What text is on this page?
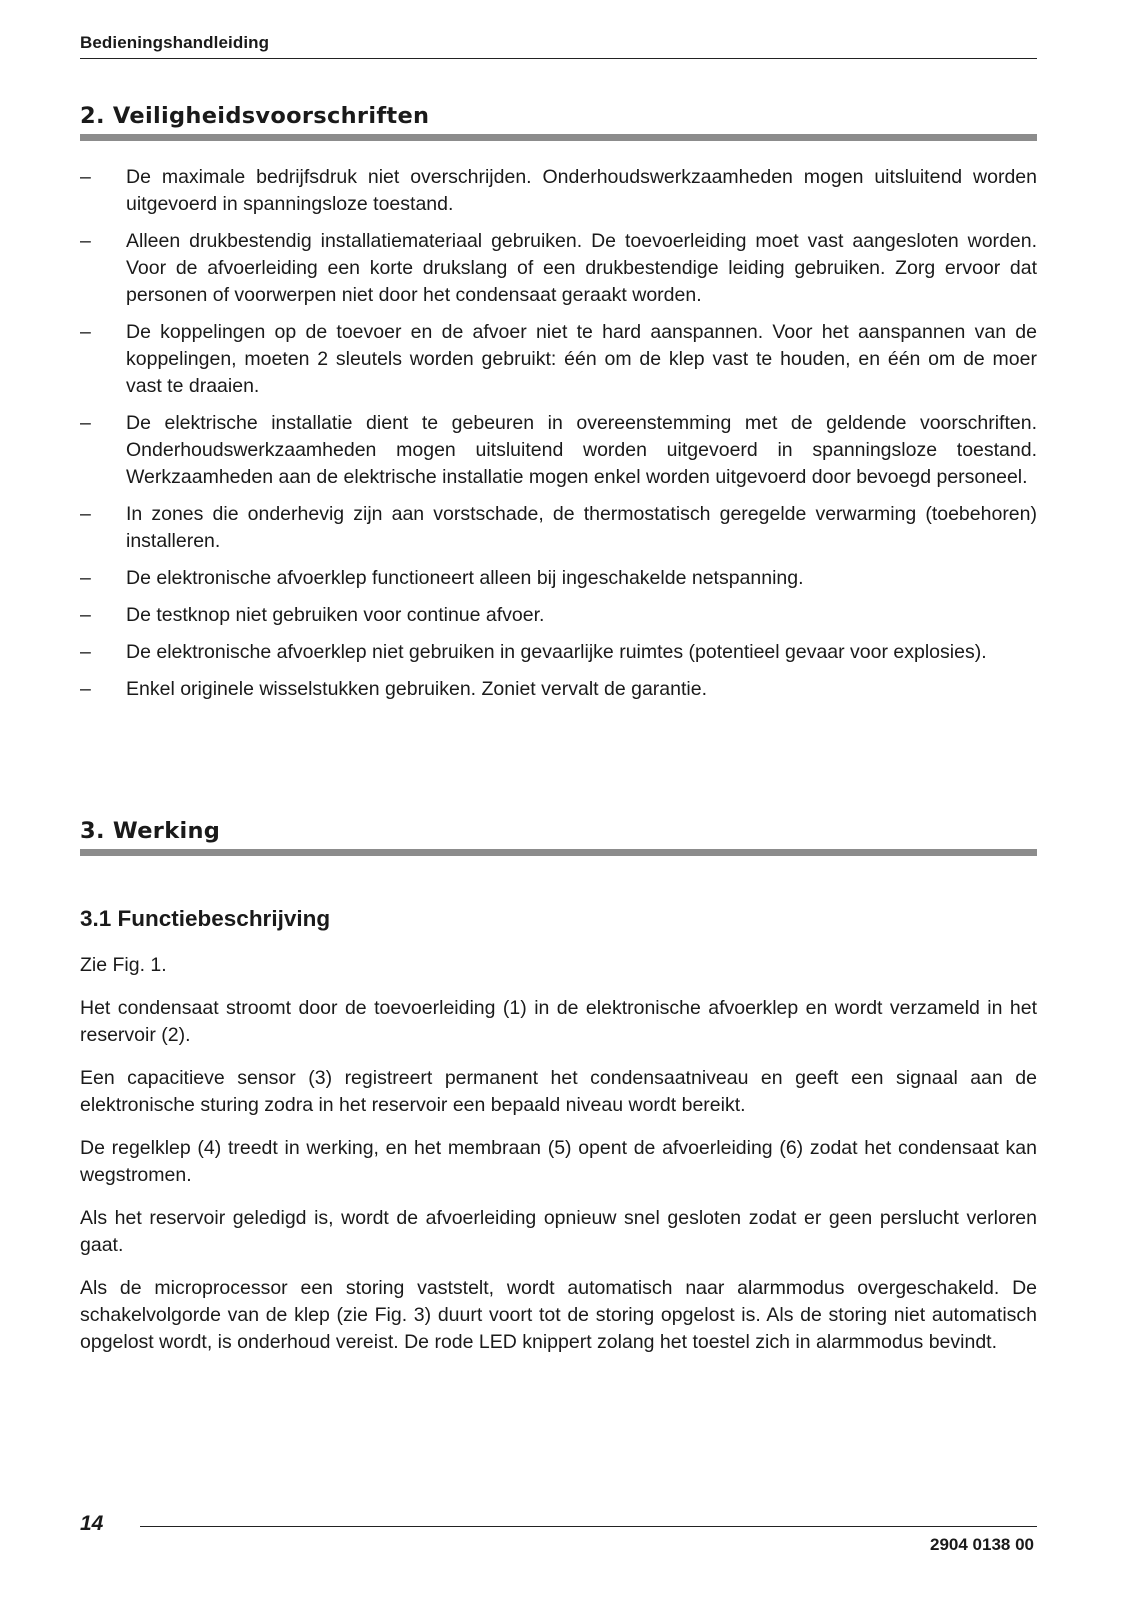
Bedieningshandleiding
2. Veiligheidsvoorschriften
– De maximale bedrijfsdruk niet overschrijden. Onderhoudswerkzaamheden mogen uitsluitend worden uitgevoerd in spanningsloze toestand.
– Alleen drukbestendig installatiemateriaal gebruiken. De toevoerleiding moet vast aangesloten worden. Voor de afvoerleiding een korte drukslang of een drukbestendige leiding gebruiken. Zorg ervoor dat personen of voorwerpen niet door het condensaat geraakt worden.
– De koppelingen op de toevoer en de afvoer niet te hard aanspannen. Voor het aanspannen van de koppelingen, moeten 2 sleutels worden gebruikt: één om de klep vast te houden, en één om de moer vast te draaien.
– De elektrische installatie dient te gebeuren in overeenstemming met de geldende voorschriften. Onderhoudswerkzaamheden mogen uitsluitend worden uitgevoerd in spanningsloze toestand. Werkzaamheden aan de elektrische installatie mogen enkel worden uitgevoerd door bevoegd personeel.
– In zones die onderhevig zijn aan vorstschade, de thermostatisch geregelde verwarming (toebehoren) installeren.
– De elektronische afvoerklep functioneert alleen bij ingeschakelde netspanning.
– De testknop niet gebruiken voor continue afvoer.
– De elektronische afvoerklep niet gebruiken in gevaarlijke ruimtes (potentieel gevaar voor explosies).
– Enkel originele wisselstukken gebruiken. Zoniet vervalt de garantie.
3. Werking
3.1 Functiebeschrijving

Zie Fig. 1.

Het condensaat stroomt door de toevoerleiding (1) in de elektronische afvoerklep en wordt verzameld in het reservoir (2).

Een capacitieve sensor (3) registreert permanent het condensaatniveau en geeft een signaal aan de elektronische sturing zodra in het reservoir een bepaald niveau wordt bereikt.

De regelklep (4) treedt in werking, en het membraan (5) opent de afvoerleiding (6) zodat het condensaat kan wegstromen.

Als het reservoir geledigd is, wordt de afvoerleiding opnieuw snel gesloten zodat er geen perslucht verloren gaat.

Als de microprocessor een storing vaststelt, wordt automatisch naar alarmmodus overgeschakeld. De schakelvolgorde van de klep (zie Fig. 3) duurt voort tot de storing opgelost is. Als de storing niet automatisch opgelost wordt, is onderhoud vereist. De rode LED knippert zolang het toestel zich in alarmmodus bevindt.

14
2904 0138 00
